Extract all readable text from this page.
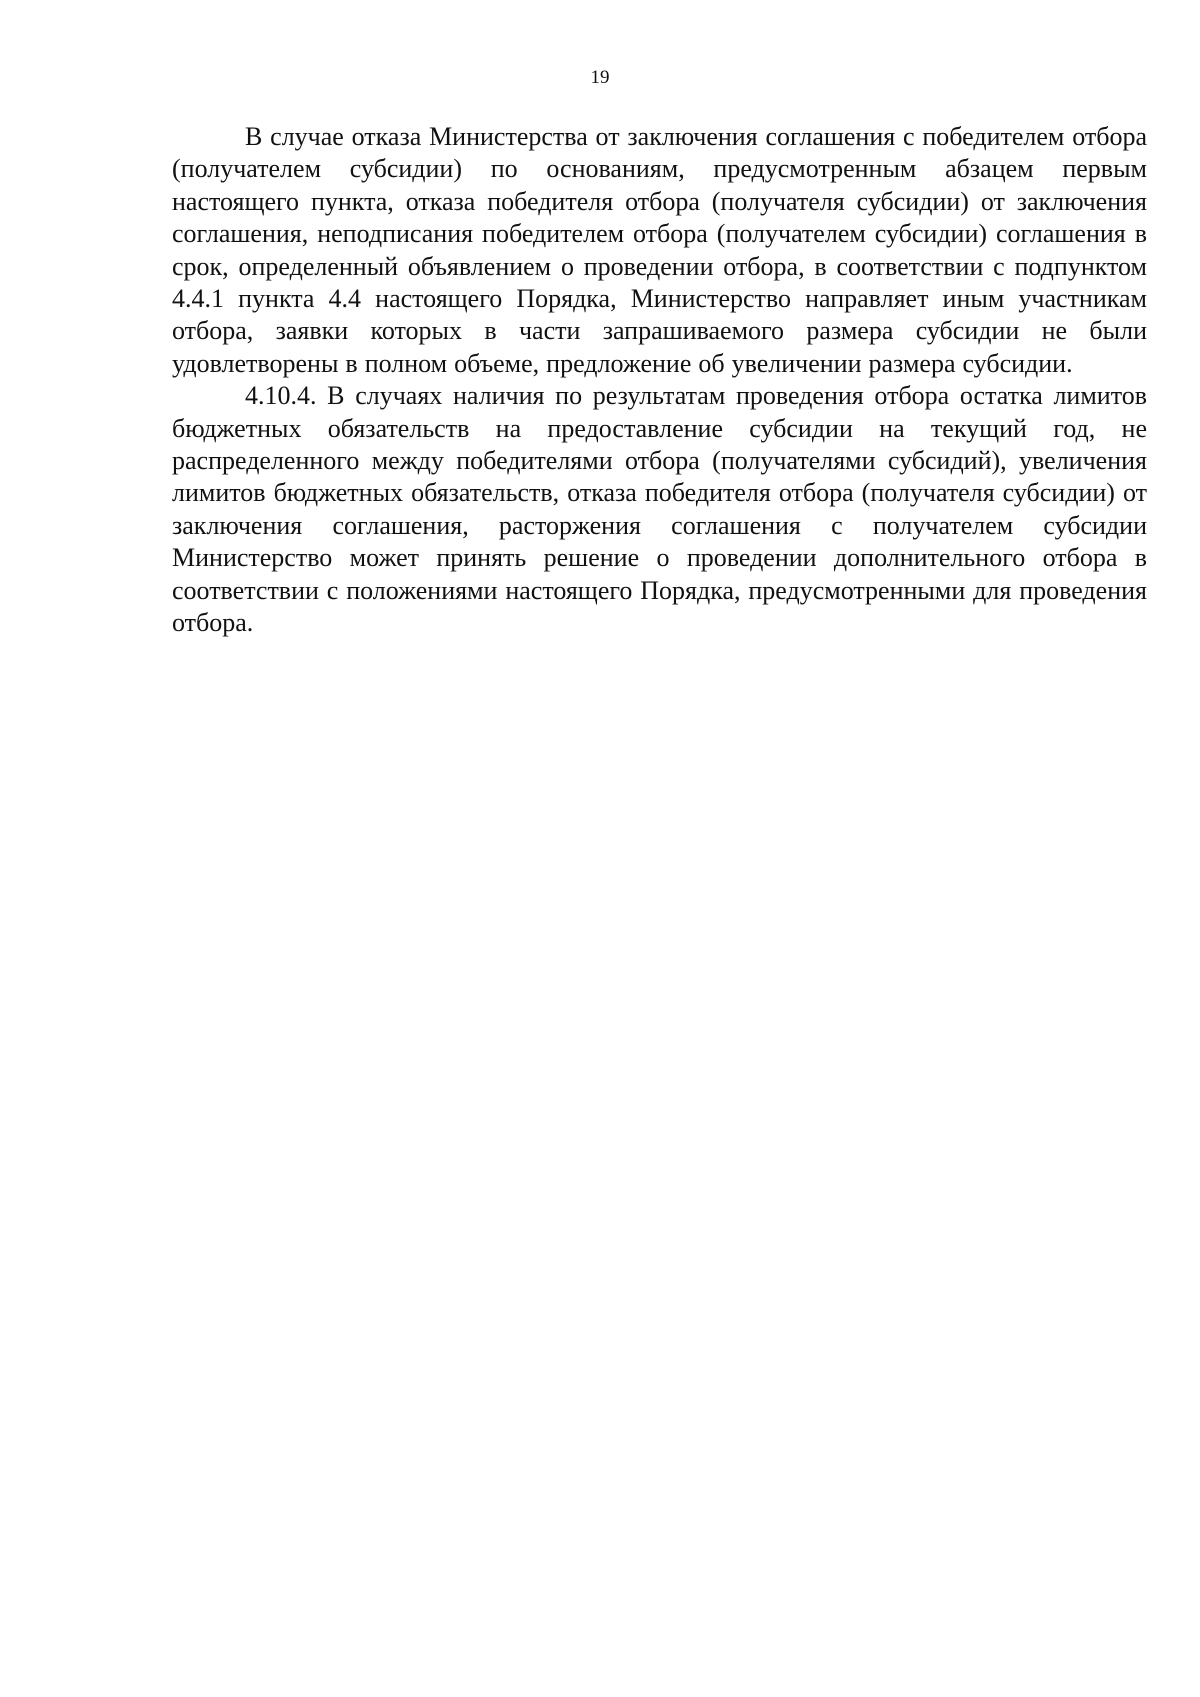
19

В случае отказа Министерства от заключения соглашения с победителем отбора (получателем субсидии) по основаниям, предусмотренным абзацем первым настоящего пункта, отказа победителя отбора (получателя субсидии) от заключения соглашения, неподписания победителем отбора (получателем субсидии) соглашения в срок, определенный объявлением о проведении отбора, в соответствии с подпунктом 4.4.1 пункта 4.4 настоящего Порядка, Министерство направляет иным участникам отбора, заявки которых в части запрашиваемого размера субсидии не были удовлетворены в полном объеме, предложение об увеличении размера субсидии.

4.10.4. В случаях наличия по результатам проведения отбора остатка лимитов бюджетных обязательств на предоставление субсидии на текущий год, не распределенного между победителями отбора (получателями субсидий), увеличения лимитов бюджетных обязательств, отказа победителя отбора (получателя субсидии) от заключения соглашения, расторжения соглашения с получателем субсидии Министерство может принять решение о проведении дополнительного отбора в соответствии с положениями настоящего Порядка, предусмотренными для проведения отбора.
